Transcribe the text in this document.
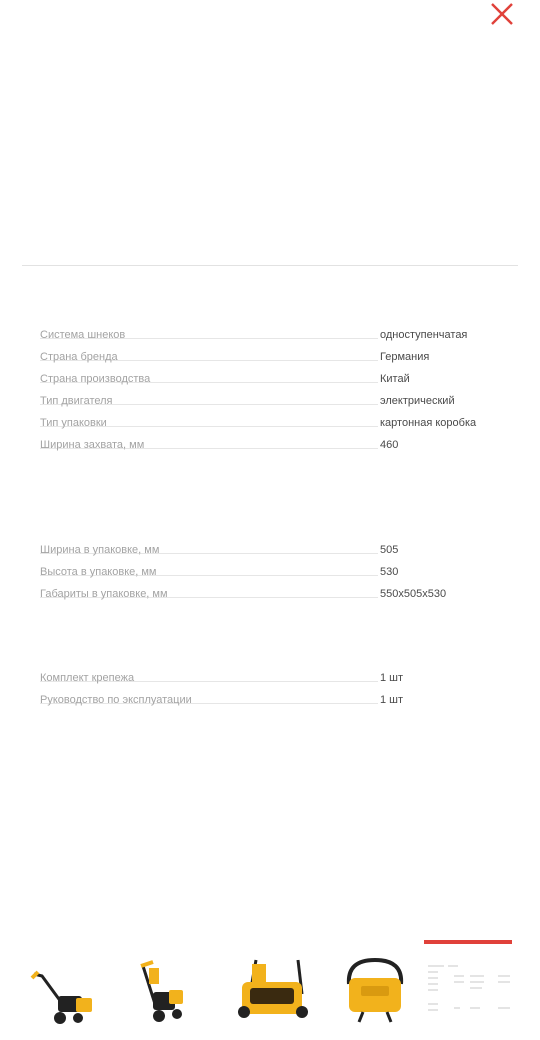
Система шнеков	одноступенчатая
Страна бренда	Германия
Страна производства	Китай
Тип двигателя	электрический
Тип упаковки	картонная коробка
Ширина захвата, мм	460
Ширина в упаковке, мм	505
Высота в упаковке, мм	530
Габариты в упаковке, мм	550x505x530
Комплект крепежа	1 шт
Руководство по эксплуатации	1 шт
